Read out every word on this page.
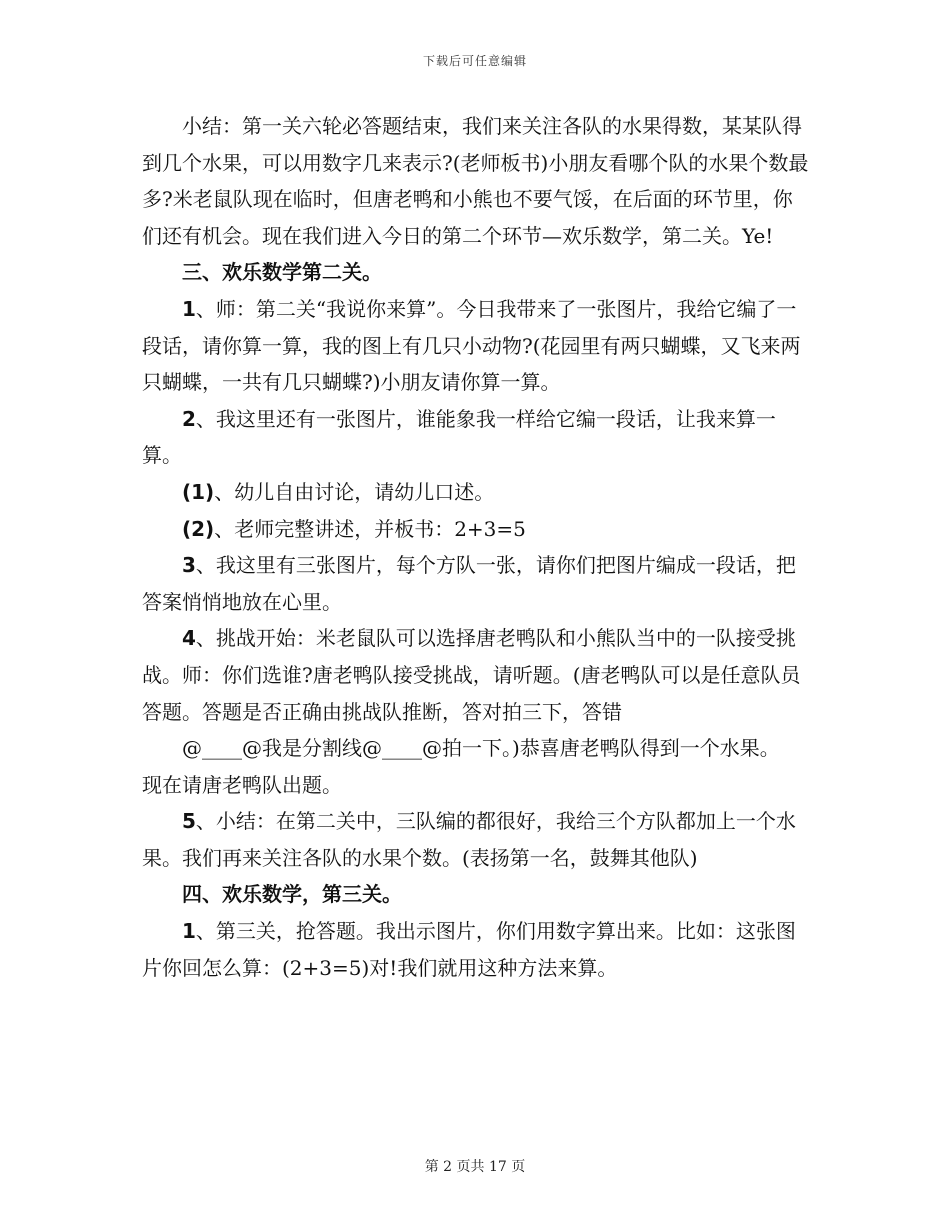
下载后可任意编辑

小结：第一关六轮必答题结束，我们来关注各队的水果得数，某某队得到几个水果，可以用数字几来表示?(老师板书)小朋友看哪个队的水果个数最多?米老鼠队现在临时，但唐老鸭和小熊也不要气馁，在后面的环节里，你们还有机会。现在我们进入今日的第二个环节—欢乐数学，第二关。Ye!

三、欢乐数学第二关。

1、师：第二关“我说你来算”。今日我带来了一张图片，我给它编了一段话，请你算一算，我的图上有几只小动物?(花园里有两只蝴蝶，又飞来两只蝴蝶，一共有几只蝴蝶?)小朋友请你算一算。

2、我这里还有一张图片，谁能象我一样给它编一段话，让我来算一算。

(1)、幼儿自由讨论，请幼儿口述。

(2)、老师完整讲述，并板书：2+3=5

3、我这里有三张图片，每个方队一张，请你们把图片编成一段话，把答案悄悄地放在心里。

4、挑战开始：米老鼠队可以选择唐老鸭队和小熊队当中的一队接受挑战。师：你们选谁?唐老鸭队接受挑战，请听题。(唐老鸭队可以是任意队员答题。答题是否正确由挑战队推断，答对拍三下，答错

@____@我是分割线@____@拍一下。)恭喜唐老鸭队得到一个水果。

现在请唐老鸭队出题。

5、小结：在第二关中，三队编的都很好，我给三个方队都加上一个水果。我们再来关注各队的水果个数。(表扬第一名，鼓舞其他队)

四、欢乐数学，第三关。

1、第三关，抢答题。我出示图片，你们用数字算出来。比如：这张图片你回怎么算：(2+3=5)对!我们就用这种方法来算。

第 2 页共 17 页
